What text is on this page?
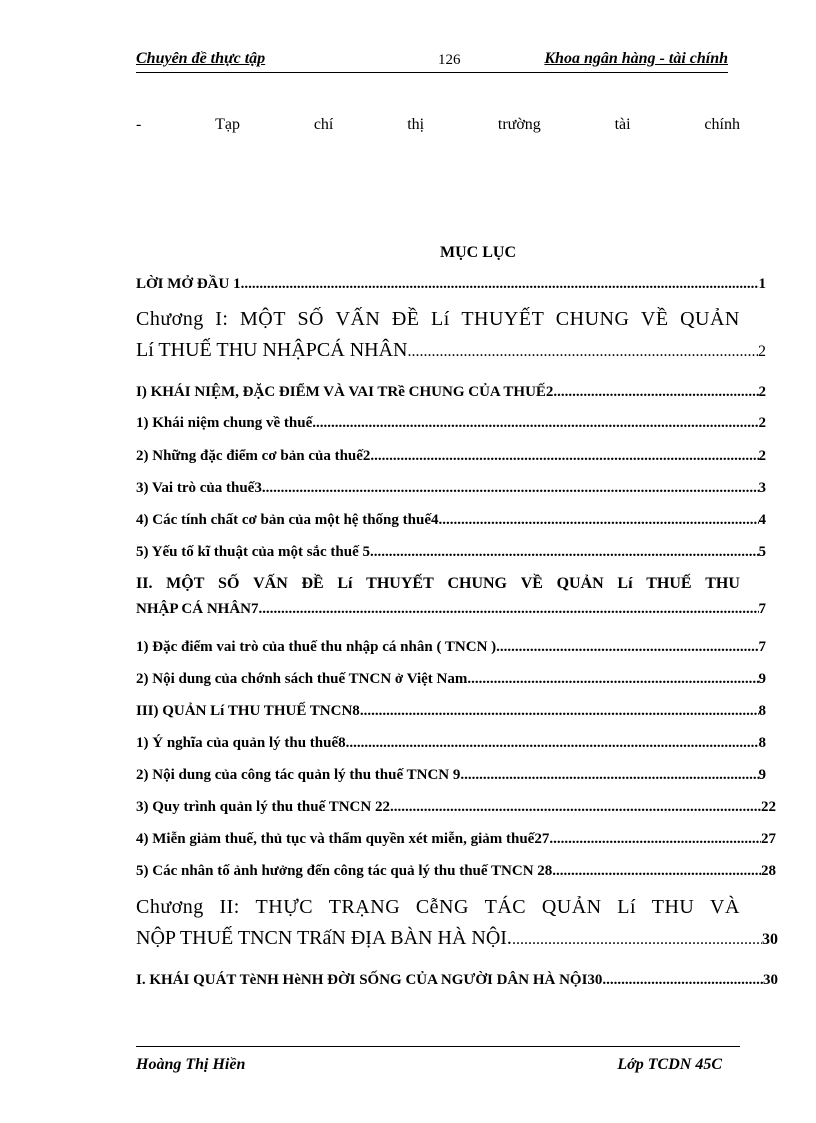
Chuyên đề thực tập	126	Khoa ngân hàng - tài chính
-	Tạp	chí	thị	trường	tài	chính
MỤC LỤC
LỜI MỞ ĐẦU 1 .....	1
Chương I: MỘT SỐ VẤN ĐỀ Lí THUYẾT CHUNG VỀ QUẢN
Lí THUẾ THU NHẬPCÁ NHÂN .....	2
I) KHÁI NIỆM, ĐẶC ĐIỂM VÀ VAI TRề CHUNG CỦA THUẾ2 .....	2
1) Khái niệm chung về thuế .....	2
2) Những đặc điểm cơ bản của thuế2 .....	2
3) Vai trò của thuế3 .....	3
4) Các tính chất cơ bản của một hệ thống thuế4 .....	4
5) Yếu tố kĩ thuật của một sắc thuế 5 .....	5
II. MỘT SỐ VẤN ĐỀ Lí THUYẾT CHUNG VỀ QUẢN Lí THUẾ THU
NHẬP CÁ NHÂN7 .....	7
1) Đặc điểm vai trò của thuế thu nhập cá nhân ( TNCN ) .....	7
2) Nội dung của chớnh sách thuế TNCN ở Việt Nam .....	9
III) QUẢN Lí THU THUẾ TNCN8 .....	8
1) Ý nghĩa của quản lý thu thuế8 .....	8
2) Nội dung của công tác quản lý thu thuế TNCN 9 .....	9
3) Quy trình quản lý thu thuế TNCN 22 .....	22
4) Miễn giảm thuế, thủ tục và thẩm quyền xét miễn, giảm thuế27 .....	27
5) Các nhân tố ảnh hưởng đến công tác quả lý thu thuế TNCN 28 .....	28
Chương II: THỰC TRẠNG CễNG TÁC QUẢN Lí THU VÀ
NỘP THUẾ TNCN TRấN ĐỊA BÀN HÀ NỘI. .....	30
I. KHÁI QUÁT TèNH HèNH ĐỜI SỐNG CỦA NGƯỜI DÂN HÀ NỘI30 .....	30
Hoàng Thị Hiền	Lớp TCDN 45C
